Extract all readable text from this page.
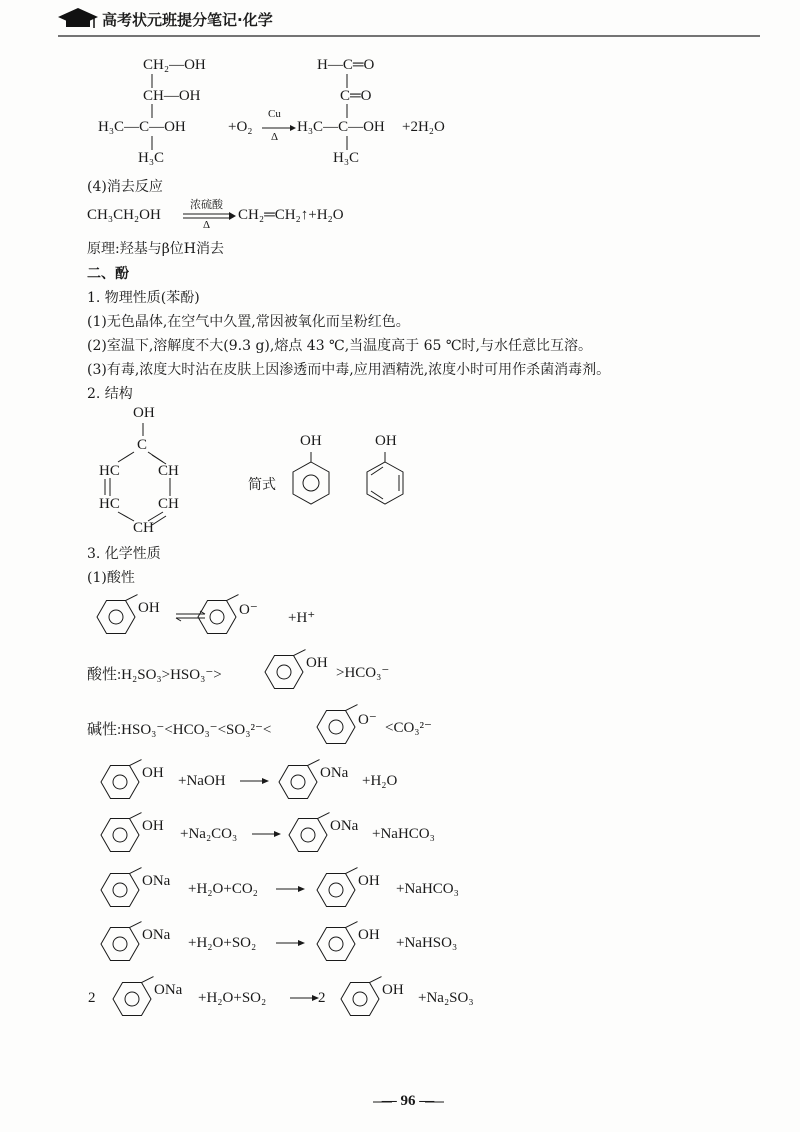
高考状元班提分笔记·化学
CH₂—OH
CH—OH
H₃C—C—OH
H₃C
+O₂
Cu
Δ
H—C═O
C═O
H₃C—C—OH
H₃C
+2H₂O
(4)消去反应
CH₃CH₂OH
浓硫酸
Δ
CH₂═CH₂↑+H₂O
原理:羟基与β位H消去
二、酚
1. 物理性质(苯酚)
(1)无色晶体,在空气中久置,常因被氧化而呈粉红色。
(2)室温下,溶解度不大(9.3 g),熔点 43 ℃,当温度高于 65 ℃时,与水任意比互溶。
(3)有毒,浓度大时沾在皮肤上因渗透而中毒,应用酒精洗,浓度小时可用作杀菌消毒剂。
2. 结构
OH
C
HC	CH
HC	CH
CH
简式
OH	OH
3. 化学性质
(1)酸性
OH	O⁻ +H⁺
酸性:H₂SO₃>HSO₃⁻>
OH
>HCO₃⁻
碱性:HSO₃⁻<HCO₃⁻<SO₃²⁻<
O⁻ <CO₃²⁻
OH +NaOH	ONa +H₂O
OH +Na₂CO₃	ONa +NaHCO₃
ONa +H₂O+CO₂	OH +NaHCO₃
ONa +H₂O+SO₂	OH +NaHSO₃
2	ONa +H₂O+SO₂	2	OH +Na₂SO₃
— 96 —
